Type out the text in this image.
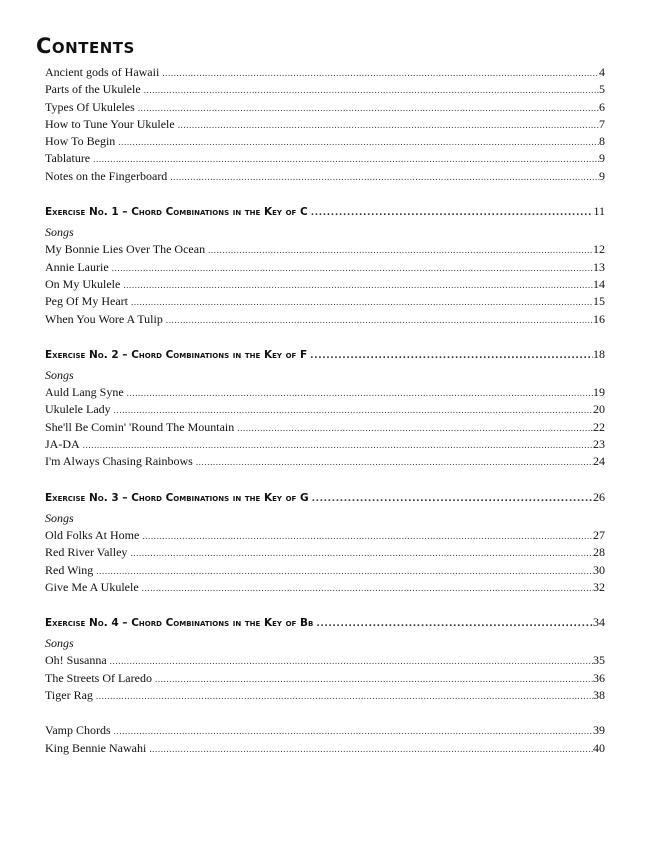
Contents
Ancient gods of Hawaii .....	4
Parts of the Ukulele .....	5
Types Of Ukuleles .....	6
How to Tune Your Ukulele .....	7
How To Begin .....	8
Tablature .....	9
Notes on the Fingerboard .....	9
Exercise No. 1 – Chord Combinations in the Key of C .....	11
Songs
My Bonnie Lies Over The Ocean .....	12
Annie Laurie .....	13
On My Ukulele .....	14
Peg Of My Heart .....	15
When You Wore A Tulip .....	16
Exercise No. 2 – Chord Combinations in the Key of F .....	18
Songs
Auld Lang Syne .....	19
Ukulele Lady .....	20
She'll Be Comin' 'Round The Mountain .....	22
JA-DA .....	23
I'm Always Chasing Rainbows .....	24
Exercise No. 3 – Chord Combinations in the Key of G .....	26
Songs
Old Folks At Home .....	27
Red River Valley .....	28
Red Wing .....	30
Give Me A Ukulele .....	32
Exercise No. 4 – Chord Combinations in the Key of Bb .....	34
Songs
Oh! Susanna .....	35
The Streets Of Laredo .....	36
Tiger Rag .....	38
Vamp Chords .....	39
King Bennie Nawahi .....	40
